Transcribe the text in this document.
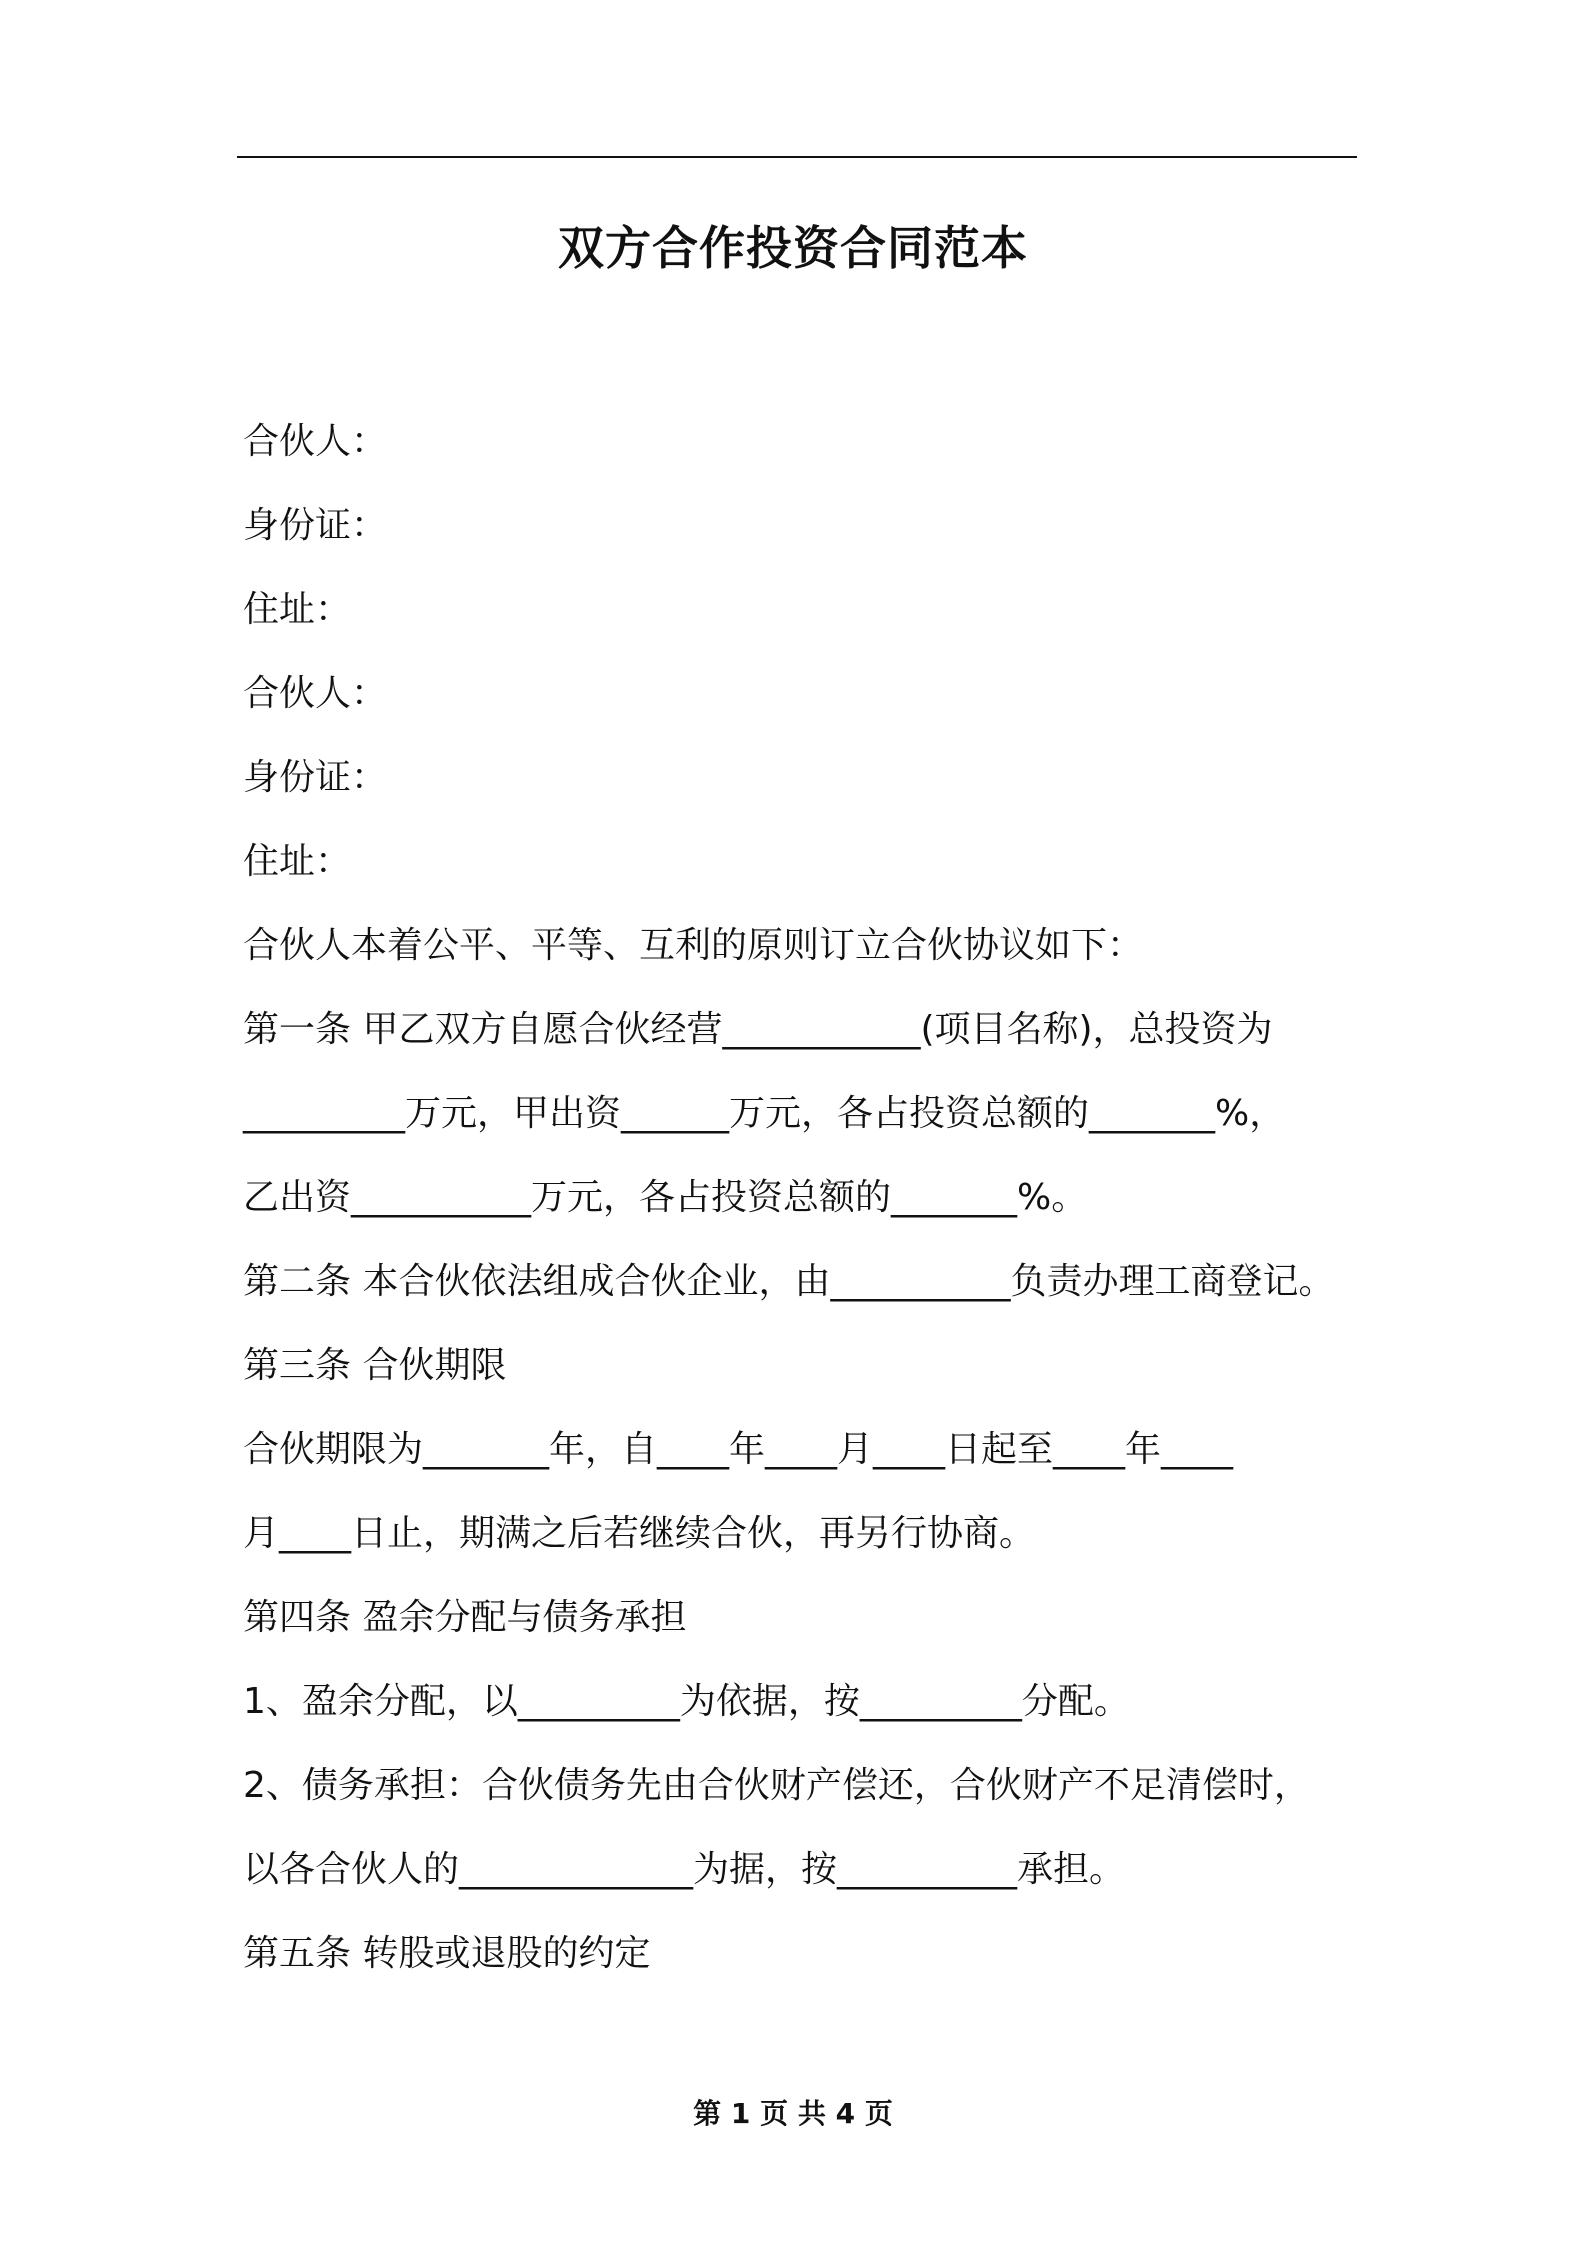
双方合作投资合同范本
合伙人：
身份证：
住址：
合伙人：
身份证：
住址：
合伙人本着公平、平等、互利的原则订立合伙协议如下：
第一条 甲乙双方自愿合伙经营___________(项目名称)，总投资为
_________万元，甲出资______万元，各占投资总额的_______%，
乙出资__________万元，各占投资总额的_______%。
第二条 本合伙依法组成合伙企业，由__________负责办理工商登记。
第三条 合伙期限
合伙期限为_______年，自____年____月____日起至____年____
月____日止，期满之后若继续合伙，再另行协商。
第四条 盈余分配与债务承担
1、盈余分配，以_________为依据，按_________分配。
2、债务承担：合伙债务先由合伙财产偿还，合伙财产不足清偿时，
以各合伙人的_____________为据，按__________承担。
第五条 转股或退股的约定
第 1 页 共 4 页
